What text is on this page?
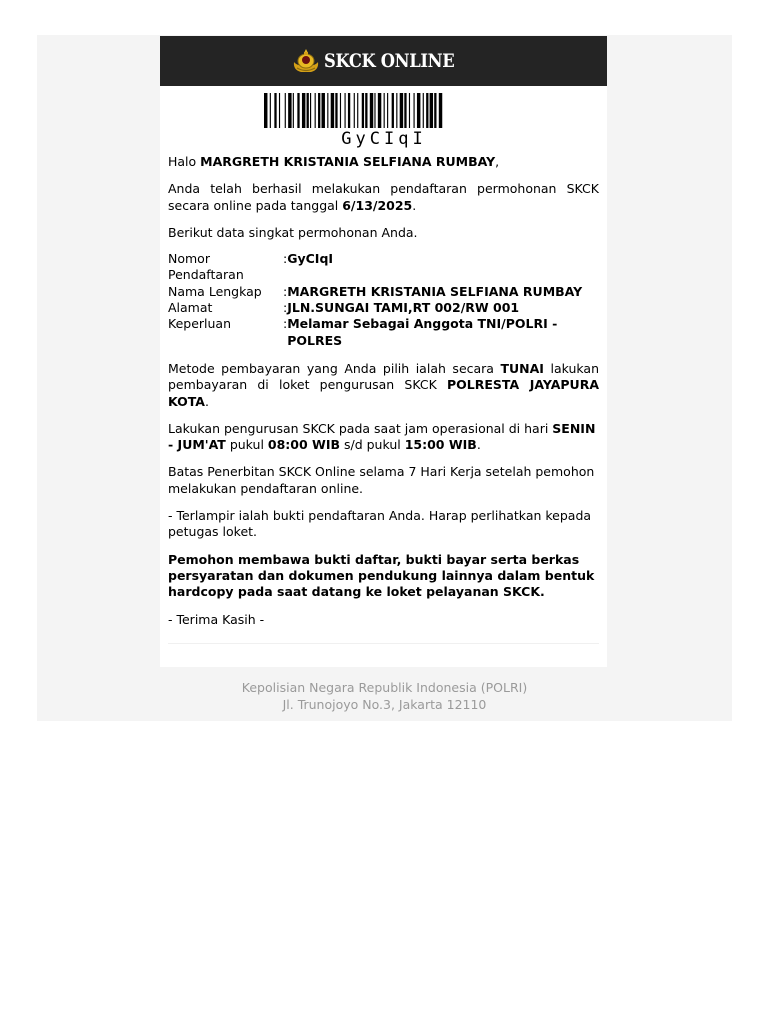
SKCK ONLINE
GyCIqI

Halo MARGRETH KRISTANIA SELFIANA RUMBAY,

Anda telah berhasil melakukan pendaftaran permohonan SKCK secara online pada tanggal 6/13/2025.

Berikut data singkat permohonan Anda.

Nomor Pendaftaran	:	GyCIqI
Nama Lengkap	:	MARGRETH KRISTANIA SELFIANA RUMBAY
Alamat	:	JLN.SUNGAI TAMI,RT 002/RW 001
Keperluan	:	Melamar Sebagai Anggota TNI/POLRI - POLRES

Metode pembayaran yang Anda pilih ialah secara TUNAI lakukan pembayaran di loket pengurusan SKCK POLRESTA JAYAPURA KOTA.

Lakukan pengurusan SKCK pada saat jam operasional di hari SENIN - JUM'AT pukul 08:00 WIB s/d pukul 15:00 WIB.

Batas Penerbitan SKCK Online selama 7 Hari Kerja setelah pemohon melakukan pendaftaran online.

- Terlampir ialah bukti pendaftaran Anda. Harap perlihatkan kepada petugas loket.

Pemohon membawa bukti daftar, bukti bayar serta berkas persyaratan dan dokumen pendukung lainnya dalam bentuk hardcopy pada saat datang ke loket pelayanan SKCK.

- Terima Kasih -

Kepolisian Negara Republik Indonesia (POLRI)
Jl. Trunojoyo No.3, Jakarta 12110
